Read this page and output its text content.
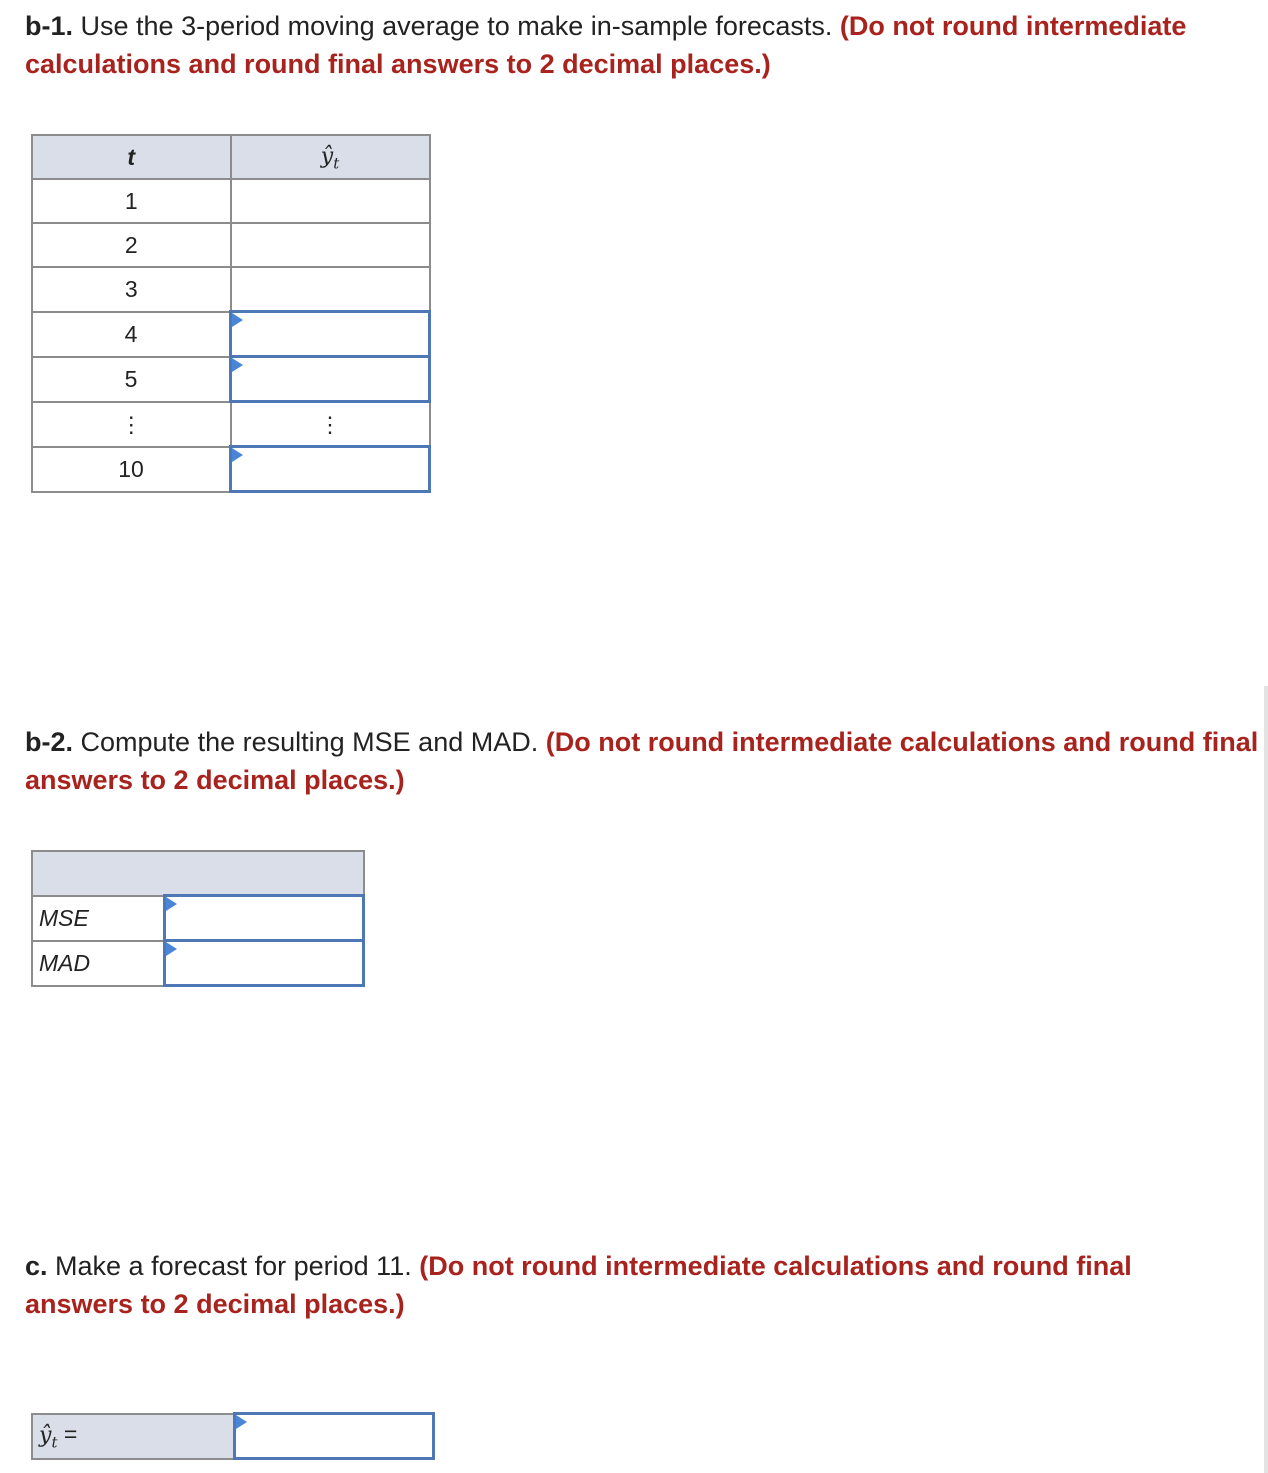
b-1. Use the 3-period moving average to make in-sample forecasts. (Do not round intermediate calculations and round final answers to 2 decimal places.)

t	$ŷ_t$
1	
2	
3	
4	

5	

⋮	⋮
10	

b-2. Compute the resulting MSE and MAD. (Do not round intermediate calculations and round final answers to 2 decimal places.)

MSE	

MAD	

c. Make a forecast for period 11. (Do not round intermediate calculations and round final answers to 2 decimal places.)

$ŷ_t$ =	
